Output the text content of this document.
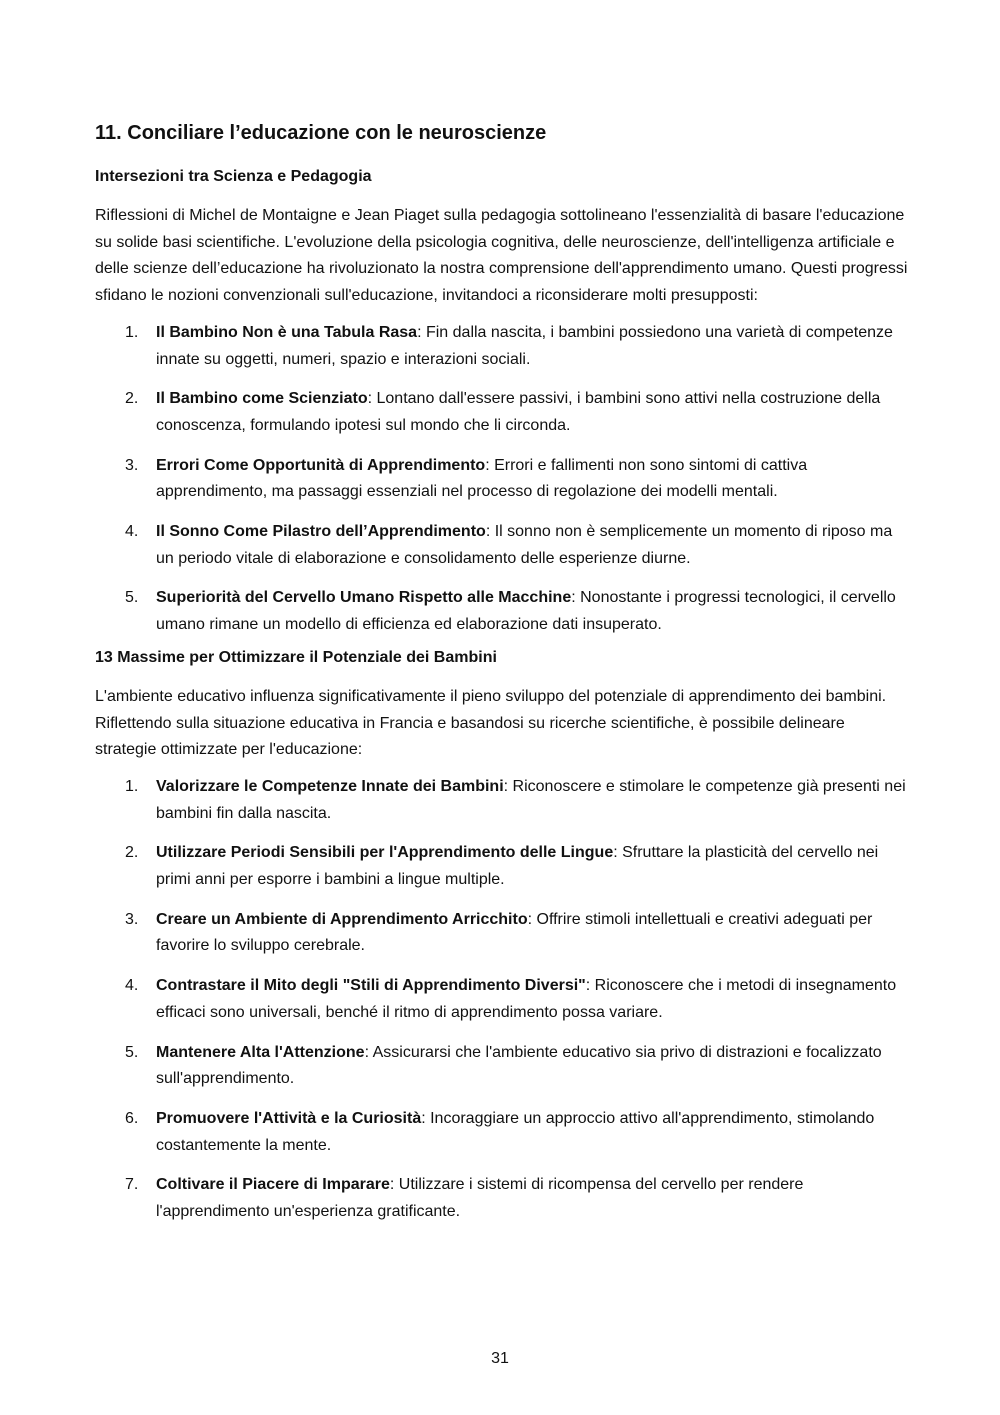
11. Conciliare l’educazione con le neuroscienze
Intersezioni tra Scienza e Pedagogia

Riflessioni di Michel de Montaigne e Jean Piaget sulla pedagogia sottolineano l'essenzialità di basare l'educazione su solide basi scientifiche. L'evoluzione della psicologia cognitiva, delle neuroscienze, dell'intelligenza artificiale e delle scienze dell’educazione ha rivoluzionato la nostra comprensione dell'apprendimento umano. Questi progressi sfidano le nozioni convenzionali sull'educazione, invitandoci a riconsiderare molti presupposti:

1. Il Bambino Non è una Tabula Rasa: Fin dalla nascita, i bambini possiedono una varietà di competenze innate su oggetti, numeri, spazio e interazioni sociali.
2. Il Bambino come Scienziato: Lontano dall'essere passivi, i bambini sono attivi nella costruzione della conoscenza, formulando ipotesi sul mondo che li circonda.
3. Errori Come Opportunità di Apprendimento: Errori e fallimenti non sono sintomi di cattiva apprendimento, ma passaggi essenziali nel processo di regolazione dei modelli mentali.
4. Il Sonno Come Pilastro dell’Apprendimento: Il sonno non è semplicemente un momento di riposo ma un periodo vitale di elaborazione e consolidamento delle esperienze diurne.
5. Superiorità del Cervello Umano Rispetto alle Macchine: Nonostante i progressi tecnologici, il cervello umano rimane un modello di efficienza ed elaborazione dati insuperato.
13 Massime per Ottimizzare il Potenziale dei Bambini

L'ambiente educativo influenza significativamente il pieno sviluppo del potenziale di apprendimento dei bambini. Riflettendo sulla situazione educativa in Francia e basandosi su ricerche scientifiche, è possibile delineare strategie ottimizzate per l'educazione:

1. Valorizzare le Competenze Innate dei Bambini: Riconoscere e stimolare le competenze già presenti nei bambini fin dalla nascita.
2. Utilizzare Periodi Sensibili per l'Apprendimento delle Lingue: Sfruttare la plasticità del cervello nei primi anni per esporre i bambini a lingue multiple.
3. Creare un Ambiente di Apprendimento Arricchito: Offrire stimoli intellettuali e creativi adeguati per favorire lo sviluppo cerebrale.
4. Contrastare il Mito degli "Stili di Apprendimento Diversi": Riconoscere che i metodi di insegnamento efficaci sono universali, benché il ritmo di apprendimento possa variare.
5. Mantenere Alta l'Attenzione: Assicurarsi che l'ambiente educativo sia privo di distrazioni e focalizzato sull'apprendimento.
6. Promuovere l'Attività e la Curiosità: Incoraggiare un approccio attivo all'apprendimento, stimolando costantemente la mente.
7. Coltivare il Piacere di Imparare: Utilizzare i sistemi di ricompensa del cervello per rendere l'apprendimento un'esperienza gratificante.
31
